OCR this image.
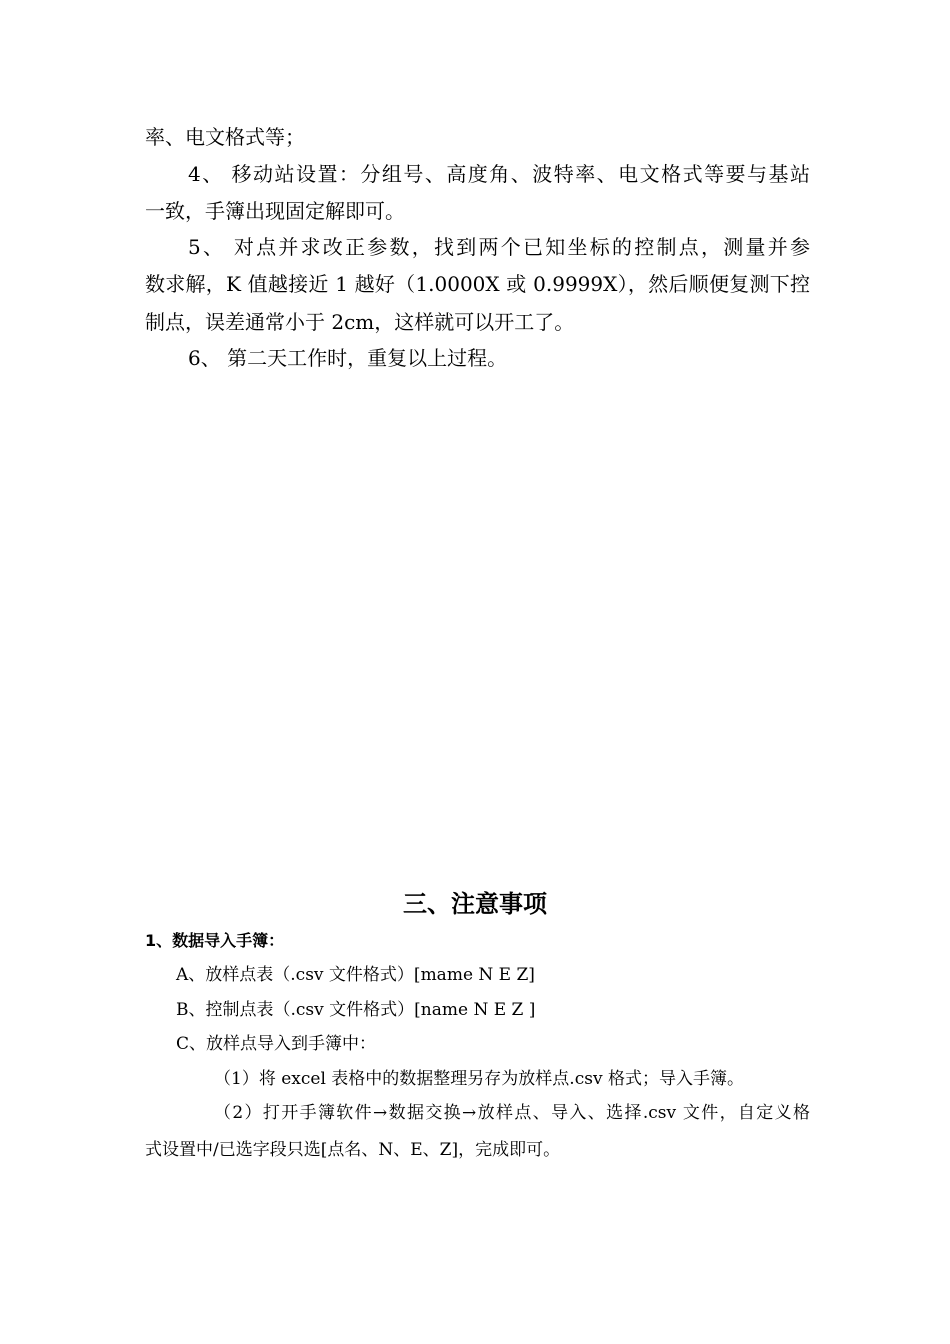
率、电文格式等；
4、 移动站设置：分组号、高度角、波特率、电文格式等要与基站
一致，手簿出现固定解即可。
5、 对点并求改正参数，找到两个已知坐标的控制点，测量并参
数求解，K 值越接近 1 越好（1.0000X 或 0.9999X），然后顺便复测下控
制点，误差通常小于 2cm，这样就可以开工了。
6、 第二天工作时，重复以上过程。
三、注意事项
1、数据导入手簿：
A、放样点表（.csv 文件格式）[mame N E Z]
B、控制点表（.csv 文件格式）[name N E Z ]
C、放样点导入到手簿中：
（1）将 excel 表格中的数据整理另存为放样点.csv 格式；导入手簿。
（2）打开手簿软件→数据交换→放样点、导入、选择.csv 文件，自定义格
式设置中/已选字段只选[点名、N、E、Z]，完成即可。
